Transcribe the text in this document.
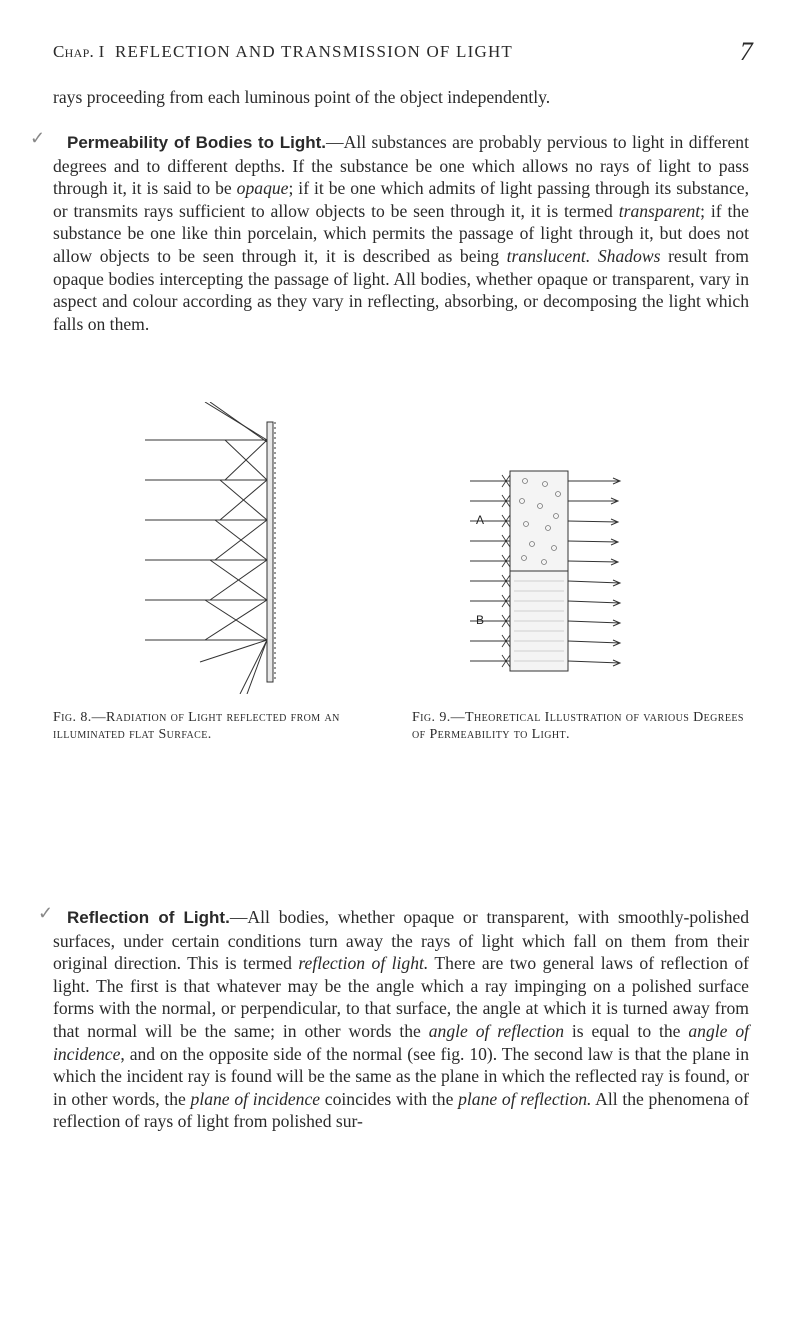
Chap. I REFLECTION AND TRANSMISSION OF LIGHT	7

rays proceeding from each luminous point of the object independently.

✓	Permeability of Bodies to Light.—All substances are probably pervious to light in different degrees and to different depths. If the substance be one which allows no rays of light to pass through it, it is said to be opaque; if it be one which admits of light passing through its substance, or transmits rays sufficient to allow objects to be seen through it, it is termed transparent; if the substance be one like thin porcelain, which permits the passage of light through it, but does not allow objects to be seen through it, it is described as being translucent. Shadows result from opaque bodies intercepting the passage of light. All bodies, whether opaque or transparent, vary in aspect and colour according as they vary in reflecting, absorbing, or decomposing the light which falls on them.

A
B
Fig. 8.—Radiation of Light reflected from an illuminated flat Surface.
Fig. 9.—Theoretical Illustration of various Degrees of Permeability to Light.
✓ Reflection of Light.—All bodies, whether opaque or transparent, with smoothly-polished surfaces, under certain conditions turn away the rays of light which fall on them from their original direction. This is termed reflection of light. There are two general laws of reflection of light. The first is that whatever may be the angle which a ray impinging on a polished surface forms with the normal, or perpendicular, to that surface, the angle at which it is turned away from that normal will be the same; in other words the angle of reflection is equal to the angle of incidence, and on the opposite side of the normal (see fig. 10). The second law is that the plane in which the incident ray is found will be the same as the plane in which the reflected ray is found, or in other words, the plane of incidence coincides with the plane of reflection. All the phenomena of reflection of rays of light from polished sur-
